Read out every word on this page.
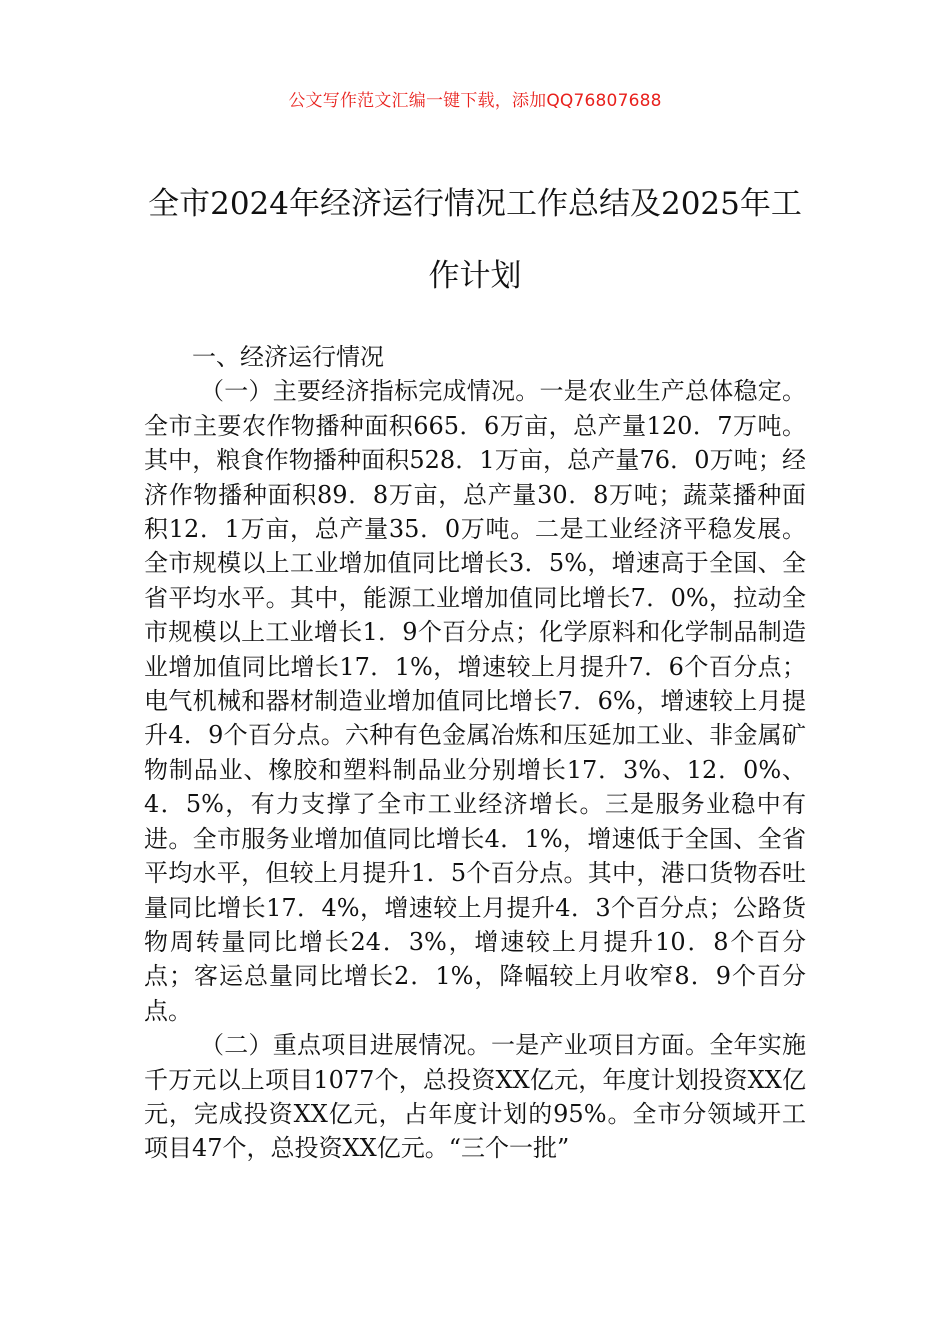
公文写作范文汇编一键下载，添加QQ76807688
全市2024年经济运行情况工作总结及2025年工作计划

一、经济运行情况

（一）主要经济指标完成情况。一是农业生产总体稳定。全市主要农作物播种面积665．6万亩，总产量120．7万吨。其中，粮食作物播种面积528．1万亩，总产量76．0万吨；经济作物播种面积89．8万亩，总产量30．8万吨；蔬菜播种面积12．1万亩，总产量35．0万吨。二是工业经济平稳发展。全市规模以上工业增加值同比增长3．5%，增速高于全国、全省平均水平。其中，能源工业增加值同比增长7．0%，拉动全市规模以上工业增长1．9个百分点；化学原料和化学制品制造业增加值同比增长17．1%，增速较上月提升7．6个百分点；电气机械和器材制造业增加值同比增长7．6%，增速较上月提升4．9个百分点。六种有色金属冶炼和压延加工业、非金属矿物制品业、橡胶和塑料制品业分别增长17．3%、12．0%、4．5%，有力支撑了全市工业经济增长。三是服务业稳中有进。全市服务业增加值同比增长4．1%，增速低于全国、全省平均水平，但较上月提升1．5个百分点。其中，港口货物吞吐量同比增长17．4%，增速较上月提升4．3个百分点；公路货物周转量同比增长24．3%，增速较上月提升10．8个百分点；客运总量同比增长2．1%，降幅较上月收窄8．9个百分点。

（二）重点项目进展情况。一是产业项目方面。全年实施千万元以上项目1077个，总投资XX亿元，年度计划投资XX亿元，完成投资XX亿元，占年度计划的95%。全市分领域开工项目47个，总投资XX亿元。“三个一批”
